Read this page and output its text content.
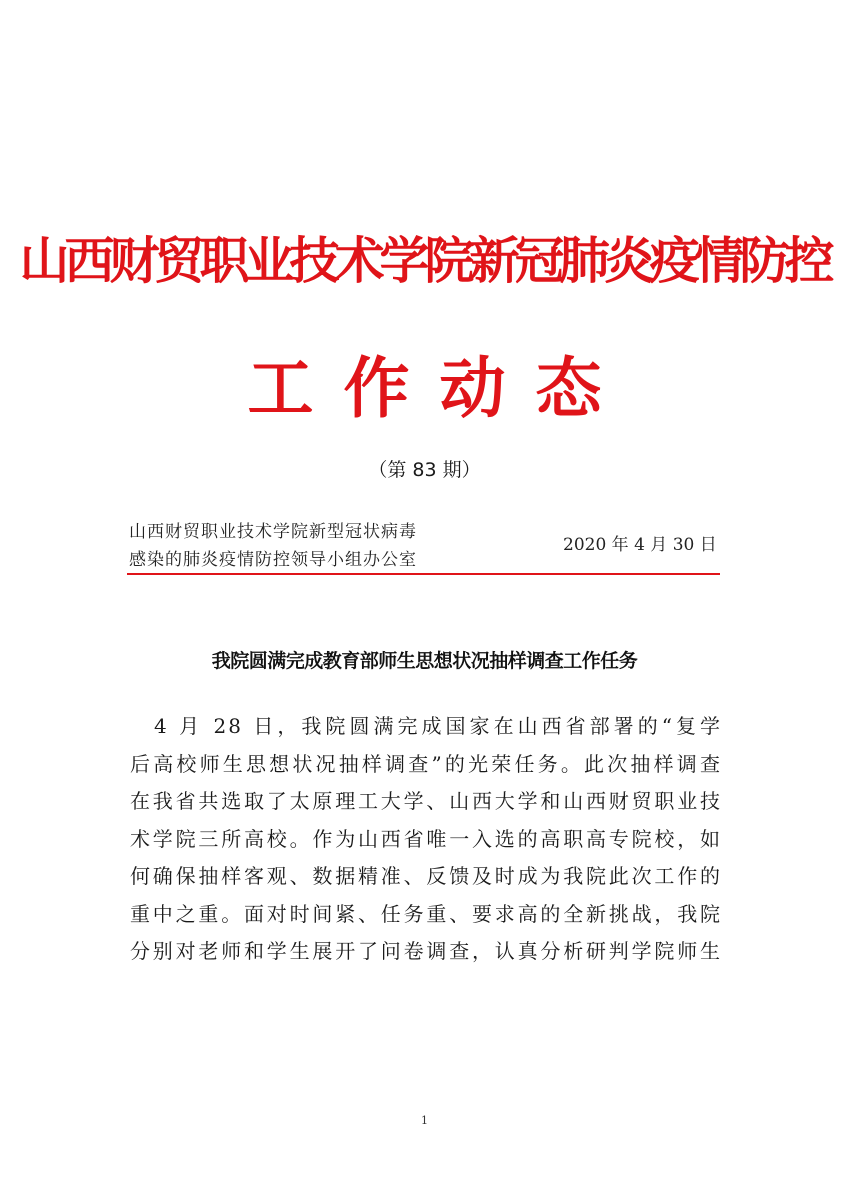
山西财贸职业技术学院新冠肺炎疫情防控
工作动态
（第 83 期）
山西财贸职业技术学院新型冠状病毒
感染的肺炎疫情防控领导小组办公室
2020 年 4 月 30 日
我院圆满完成教育部师生思想状况抽样调查工作任务
　4 月 28 日，我院圆满完成国家在山西省部署的“复学
后高校师生思想状况抽样调查”的光荣任务。此次抽样调查
在我省共选取了太原理工大学、山西大学和山西财贸职业技
术学院三所高校。作为山西省唯一入选的高职高专院校，如
何确保抽样客观、数据精准、反馈及时成为我院此次工作的
重中之重。面对时间紧、任务重、要求高的全新挑战，我院
分别对老师和学生展开了问卷调查，认真分析研判学院师生
1
